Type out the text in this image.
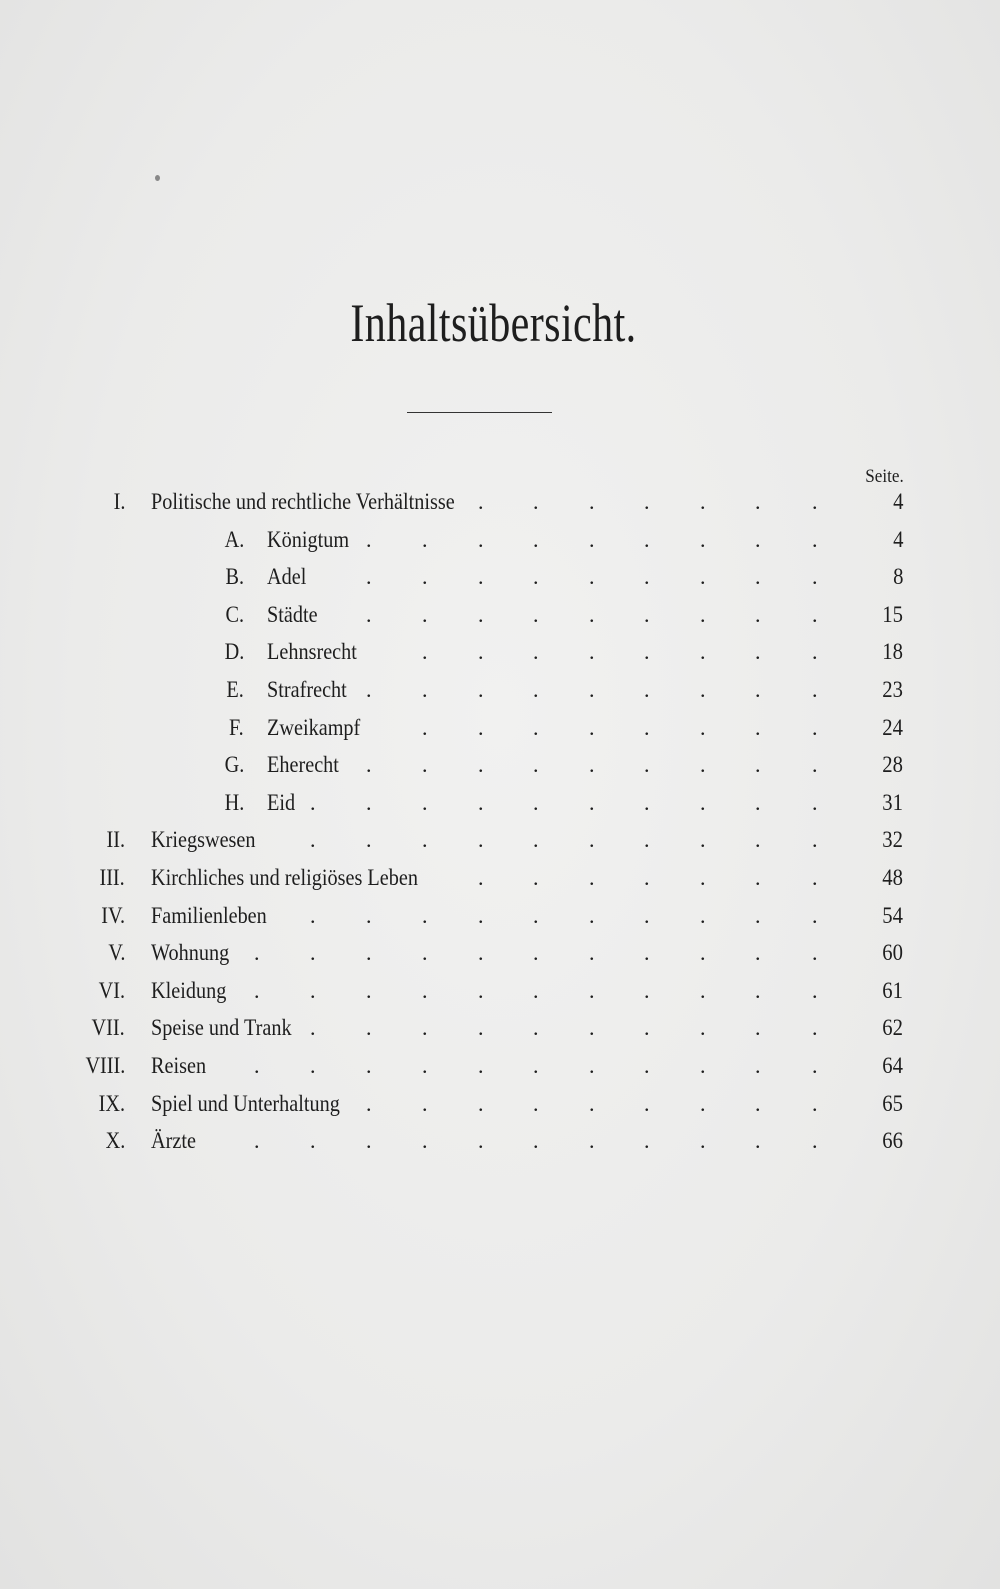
Inhaltsübersicht.
Seite.
I. Politische und rechtliche Verhältnisse	4
. . . . . . .
A. Königtum	4
. . . . . . . . .
B. Adel	8
. . . . . . . . .
C. Städte	15
. . . . . . . . .
D. Lehnsrecht	18
. . . . . . . .
E. Strafrecht	23
. . . . . . . . .
F. Zweikampf	24
. . . . . . . .
G. Eherecht	28
. . . . . . . . .
H. Eid	31
. . . . . . . . . .
II. Kriegswesen	32
. . . . . . . . . .
III. Kirchliches und religiöses Leben	48
. . . . . . .
IV. Familienleben	54
. . . . . . . . . .
V. Wohnung	60
. . . . . . . . . . .
VI. Kleidung	61
. . . . . . . . . . .
VII. Speise und Trank	62
. . . . . . . . . .
VIII. Reisen	64
. . . . . . . . . . .
IX. Spiel und Unterhaltung	65
. . . . . . . . .
X. Ärzte	66
. . . . . . . . . . .
